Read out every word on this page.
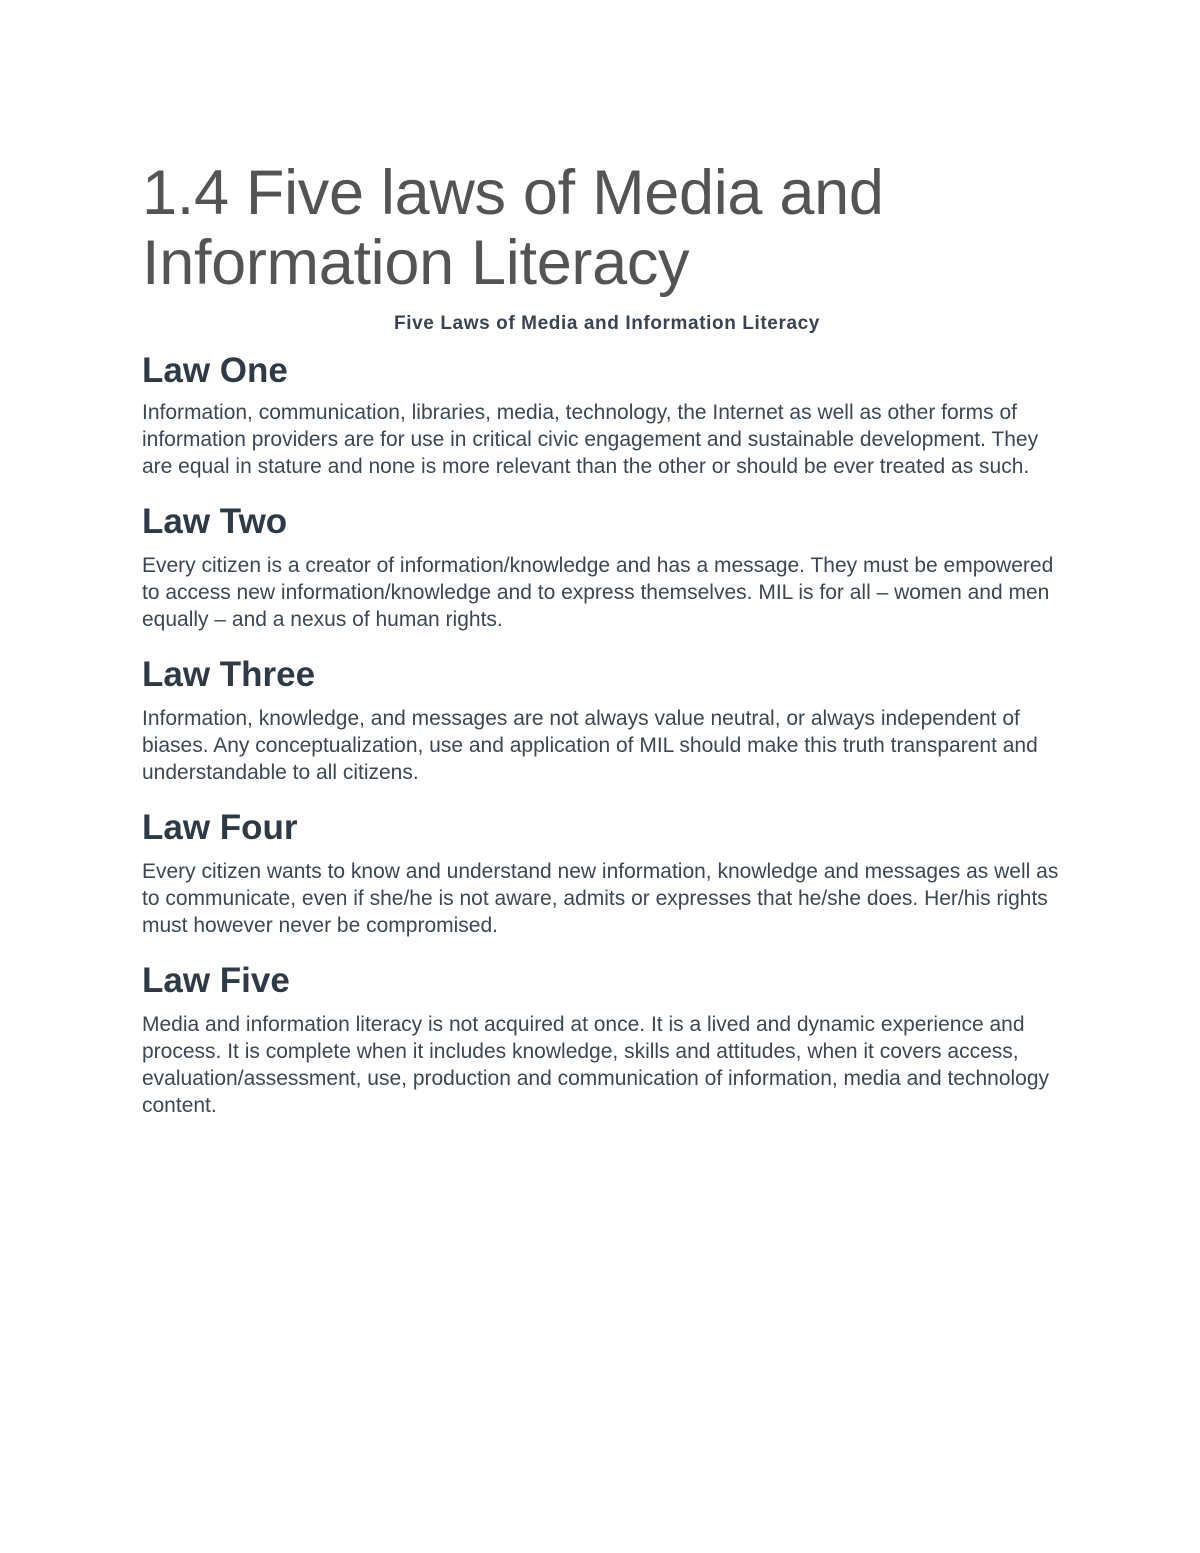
1.4 Five laws of Media and Information Literacy

Five Laws of Media and Information Literacy

Law One

Information, communication, libraries, media, technology, the Internet as well as other forms of information providers are for use in critical civic engagement and sustainable development. They are equal in stature and none is more relevant than the other or should be ever treated as such.

Law Two

Every citizen is a creator of information/knowledge and has a message. They must be empowered to access new information/knowledge and to express themselves. MIL is for all – women and men equally – and a nexus of human rights.

Law Three

Information, knowledge, and messages are not always value neutral, or always independent of biases. Any conceptualization, use and application of MIL should make this truth transparent and understandable to all citizens.

Law Four

Every citizen wants to know and understand new information, knowledge and messages as well as to communicate, even if she/he is not aware, admits or expresses that he/she does. Her/his rights must however never be compromised.

Law Five

Media and information literacy is not acquired at once. It is a lived and dynamic experience and process. It is complete when it includes knowledge, skills and attitudes, when it covers access, evaluation/assessment, use, production and communication of information, media and technology content.
